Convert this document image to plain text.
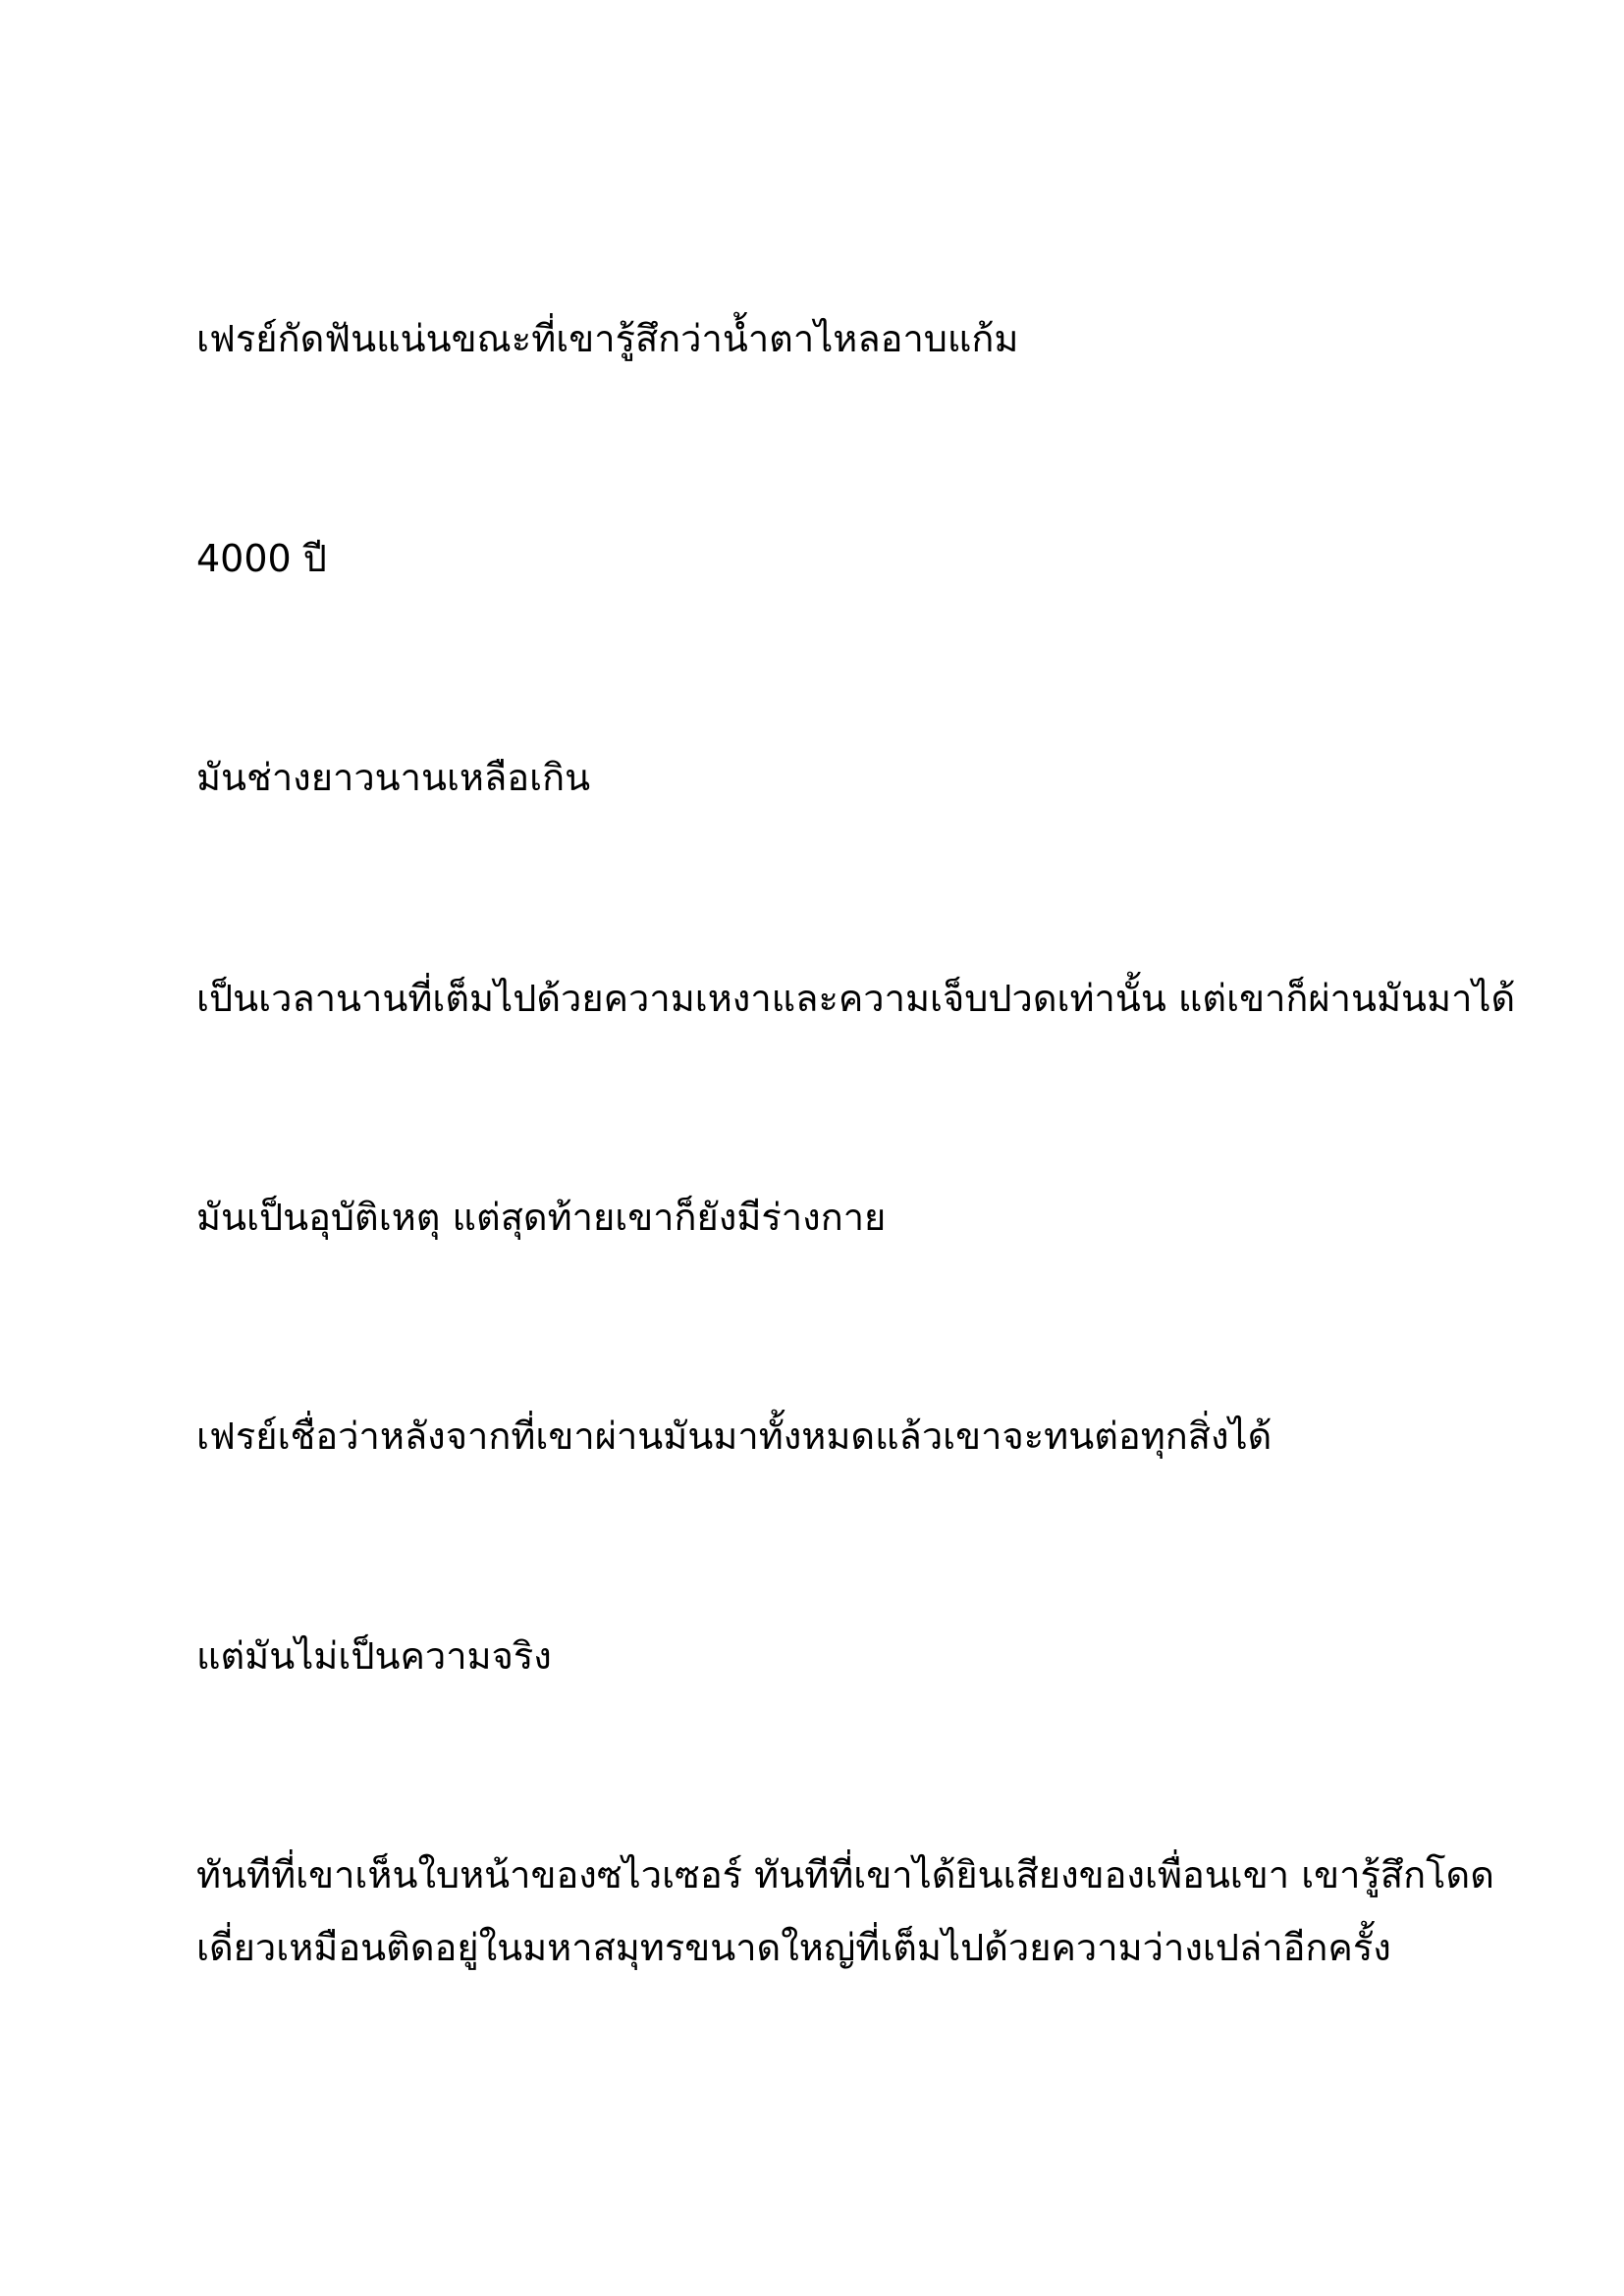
เฟรย์กัดฟันแน่นขณะที่เขารู้สึกว่าน้ำตาไหลอาบแก้ม
4000 ปี
มันช่างยาวนานเหลือเกิน
เป็นเวลานานที่เต็มไปด้วยความเหงาและความเจ็บปวดเท่านั้น แต่เขาก็ผ่านมันมาได้
มันเป็นอุบัติเหตุ แต่สุดท้ายเขาก็ยังมีร่างกาย
เฟรย์เชื่อว่าหลังจากที่เขาผ่านมันมาทั้งหมดแล้วเขาจะทนต่อทุกสิ่งได้
แต่มันไม่เป็นความจริง
ทันทีที่เขาเห็นใบหน้าของซไวเซอร์ ทันทีที่เขาได้ยินเสียงของเพื่อนเขา เขารู้สึกโดด
เดี่ยวเหมือนติดอยู่ในมหาสมุทรขนาดใหญ่ที่เต็มไปด้วยความว่างเปล่าอีกครั้ง
